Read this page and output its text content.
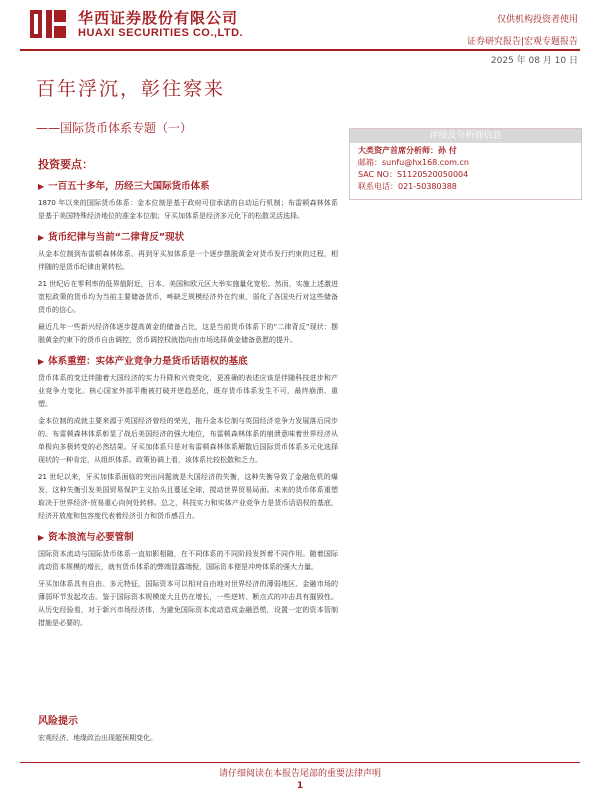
华西证券股份有限公司
HUAXI SECURITIES CO.,LTD.
仅供机构投资者使用
证券研究报告|宏观专题报告
2025 年 08 月 10 日
百年浮沉，彰往察来
——国际货币体系专题（一）
评级及分析师信息
大类资产首席分析师：孙 付
邮箱：sunfu@hx168.com.cn
SAC NO：S1120520050004
联系电话：021-50380388
投资要点：
▶ 一百五十多年，历经三大国际货币体系

1870 年以来的国际货币体系：金本位制是基于政府可信承诺的自动运行机制；布雷顿森林体系是基于美国特殊经济地位的准金本位制；牙买加体系是经济多元化下的松散灵活选择。

▶ 货币纪律与当前“二律背反”现状

从金本位制到布雷顿森林体系、再到牙买加体系是一个逐步摆脱黄金对货币发行约束的过程，相伴随的是货币纪律由紧转松。

21 世纪后在零利率的低界值附近，日本、美国和欧元区大举实施量化宽松。然而，实施上述激进宽松政策的货币均为当前主要储备货币，빠缺乏规模经济外在约束，弱化了各国央行对这些储备货币的信心。

最近几年一些新兴经济体逐步提高黄金的储备占比，这是当前货币体系下的“二律背反”现状：摆脱黄金约束下的货币自由调控，货币调控权就指向由市场选择黄金储备意愿的提升。

▶ 体系重塑：实体产业竞争力是货币话语权的基底

货币体系的变迁伴随着大国经济的实力升降和兴衰变化，更准确的表述应该是伴随科技进步和产业竞争力变化。核心国家外部平衡被打破并逆趋恶化，既存货币体系发生不可，最终崩溃、重塑。

金本位制的成就主要来源于英国经济曾经的荣光，拖升金本位制与英国经济竞争力发展落后同步的。布雷顿森林体系彰显了战后美国经济的强大地位，布雷顿森林体系的崩溃意味着世界经济从单极向多极转变的必然结果。牙买加体系只是对布雷顿森林体系解散后国际货币体系多元化选择现状的一种肯定，从组织体系、政策协调上看，该体系比较松散和乏力。

21 世纪以来，牙买加体系面临的突出问题就是大国经济的失衡，这种失衡导致了金融危机的爆发，这种失衡引发美国贸易保护主义抬头且蔓延全球，搅动世界贸易局面。未来的货币体系重塑取决于世界经济-贸易重心向何处转移。总之，科技实力和实体产业竞争力是货币话语权的基底，经济开放度和包容度代表着经济引力和货币感召力。

▶ 资本浪流与必要管制

国际资本流动与国际货币体系一直如影相随，在不同体系的不同阶段发挥着不同作用。随着国际流动资本规模的增长，就有货币体系的弊端显露端倪，国际资本便是冲垮体系的强大力量。

牙买加体系具有自由、多元特征，国际资本可以相对自由地对世界经济的薄弱地区、金融市场的薄弱环节发起攻击。鉴于国际资本规模庞大且仍在增长，一些逆转、断点式的冲击具有摧毁性。从历史经验看，对于新兴市场经济体，为避免国际资本流动造成金融恐慌，设置一定的资本管制措施是必要的。

风险提示
宏观经济、地缘政治出现超预期变化。
请仔细阅读在本报告尾部的重要法律声明
1
